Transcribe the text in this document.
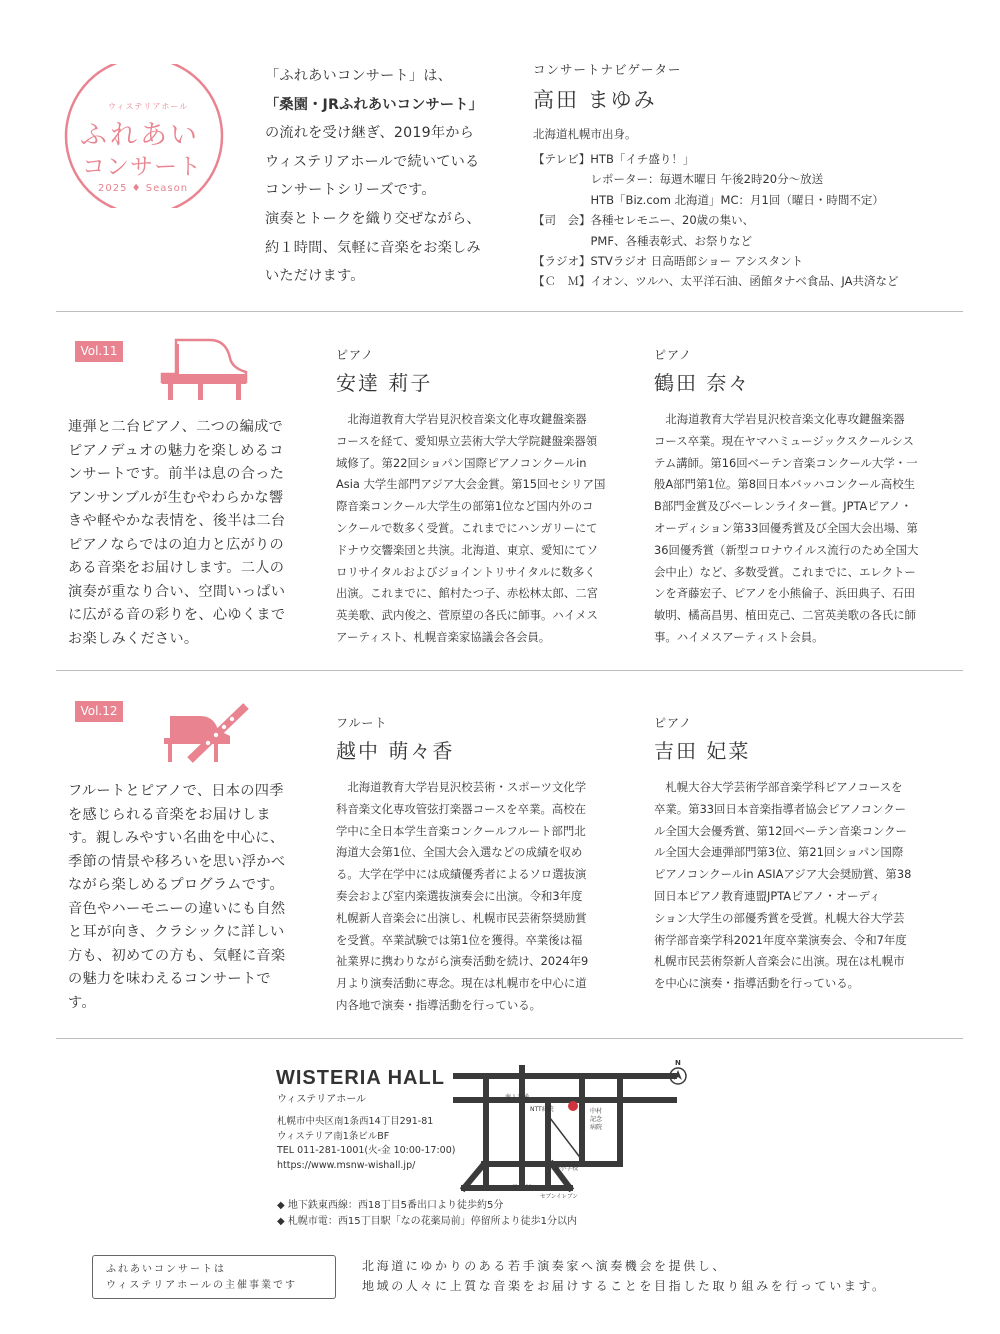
ウィステリアホール
ふれあい
コンサート
2025 ♦ Season
「ふれあいコンサート」は、
「桑園・JRふれあいコンサート」
の流れを受け継ぎ、2019年から
ウィステリアホールで続いている
コンサートシリーズです。
演奏とトークを織り交ぜながら、
約１時間、気軽に音楽をお楽しみ
いただけます。
コンサートナビゲーター
高田 まゆみ
北海道札幌市出身。
【テレビ】HTB「イチ盛り！」
　　　　　レポーター：毎週木曜日 午後2時20分〜放送
　　　　　HTB「Biz.com 北海道」MC：月1回（曜日・時間不定）
【司　会】各種セレモニー、20歳の集い、
　　　　　PMF、各種表彰式、お祭りなど
【ラジオ】STVラジオ 日高晤郎ショー アシスタント
【Ｃ　Ｍ】イオン、ツルハ、太平洋石油、函館タナベ食品、JA共済など
Vol.11
連弾と二台ピアノ、二つの編成で
ピアノデュオの魅力を楽しめるコ
ンサートです。前半は息の合った
アンサンブルが生むやわらかな響
きや軽やかな表情を、後半は二台
ピアノならではの迫力と広がりの
ある音楽をお届けします。二人の
演奏が重なり合い、空間いっぱい
に広がる音の彩りを、心ゆくまで
お楽しみください。
ピアノ
安達 莉子
　北海道教育大学岩見沢校音楽文化専攻鍵盤楽器
コースを経て、愛知県立芸術大学大学院鍵盤楽器領
域修了。第22回ショパン国際ピアノコンクールin
Asia 大学生部門アジア大会金賞。第15回セシリア国
際音楽コンクール大学生の部第1位など国内外のコ
ンクールで数多く受賞。これまでにハンガリーにて
ドナウ交響楽団と共演。北海道、東京、愛知にてソ
ロリサイタルおよびジョイントリサイタルに数多く
出演。これまでに、館村たつ子、赤松林太郎、二宮
英美歌、武内俊之、菅原望の各氏に師事。ハイメス
アーティスト、札幌音楽家協議会各会員。
ピアノ
鶴田 奈々
　北海道教育大学岩見沢校音楽文化専攻鍵盤楽器
コース卒業。現在ヤマハミュージックスクールシス
テム講師。第16回ベーテン音楽コンクール大学・一
般A部門第1位。第8回日本バッハコンクール高校生
B部門金賞及びベーレンライター賞。JPTAピアノ・
オーディション第33回優秀賞及び全国大会出場、第
36回優秀賞（新型コロナウイルス流行のため全国大
会中止）など、多数受賞。これまでに、エレクトー
ンを斉藤宏子、ピアノを小熊倫子、浜田典子、石田
敏明、橘高昌男、植田克己、二宮英美歌の各氏に師
事。ハイメスアーティスト会員。
Vol.12
フルートとピアノで、日本の四季
を感じられる音楽をお届けしま
す。親しみやすい名曲を中心に、
季節の情景や移ろいを思い浮かべ
ながら楽しめるプログラムです。
音色やハーモニーの違いにも自然
と耳が向き、クラシックに詳しい
方も、初めての方も、気軽に音楽
の魅力を味わえるコンサートで
す。
フルート
越中 萌々香
　北海道教育大学岩見沢校芸術・スポーツ文化学
科音楽文化専攻管弦打楽器コースを卒業。高校在
学中に全日本学生音楽コンクールフルート部門北
海道大会第1位、全国大会入選などの成績を収め
る。大学在学中には成績優秀者によるソロ選抜演
奏会および室内楽選抜演奏会に出演。令和3年度
札幌新人音楽会に出演し、札幌市民芸術祭奨励賞
を受賞。卒業試験では第1位を獲得。卒業後は福
祉業界に携わりながら演奏活動を続け、2024年9
月より演奏活動に専念。現在は札幌市を中心に道
内各地で演奏・指導活動を行っている。
ピアノ
吉田 妃菜
　札幌大谷大学芸術学部音楽学科ピアノコースを
卒業。第33回日本音楽指導者協会ピアノコンクー
ル全国大会優秀賞、第12回ベーテン音楽コンクー
ル全国大会連弾部門第3位、第21回ショパン国際
ピアノコンクールin ASIAアジア大会奨励賞、第38
回日本ピアノ教育連盟JPTAピアノ・オーディ
ション大学生の部優秀賞を受賞。札幌大谷大学芸
術学部音楽学科2021年度卒業演奏会、令和7年度
札幌市民芸術祭新人音楽会に出演。現在は札幌市
を中心に演奏・指導活動を行っている。
WISTERIA HALL
ウィステリアホール
札幌市中央区南1条西14丁目291-81
ウィステリア南1条ビルBF
TEL 011-281-1001(火-金 10:00-17:00)
https://www.msnw-wishall.jp/
南１条通
NTT病院	中村
記念
病院
二条小学校
ローソン
セブンイレブン
N
◆ 地下鉄東西線：西18丁目5番出口より徒歩約5分
◆ 札幌市電：西15丁目駅「なの花薬局前」停留所より徒歩1分以内
ふれあいコンサートは
ウィステリアホールの主催事業です
北海道にゆかりのある若手演奏家へ演奏機会を提供し、
地域の人々に上質な音楽をお届けすることを目指した取り組みを行っています。
